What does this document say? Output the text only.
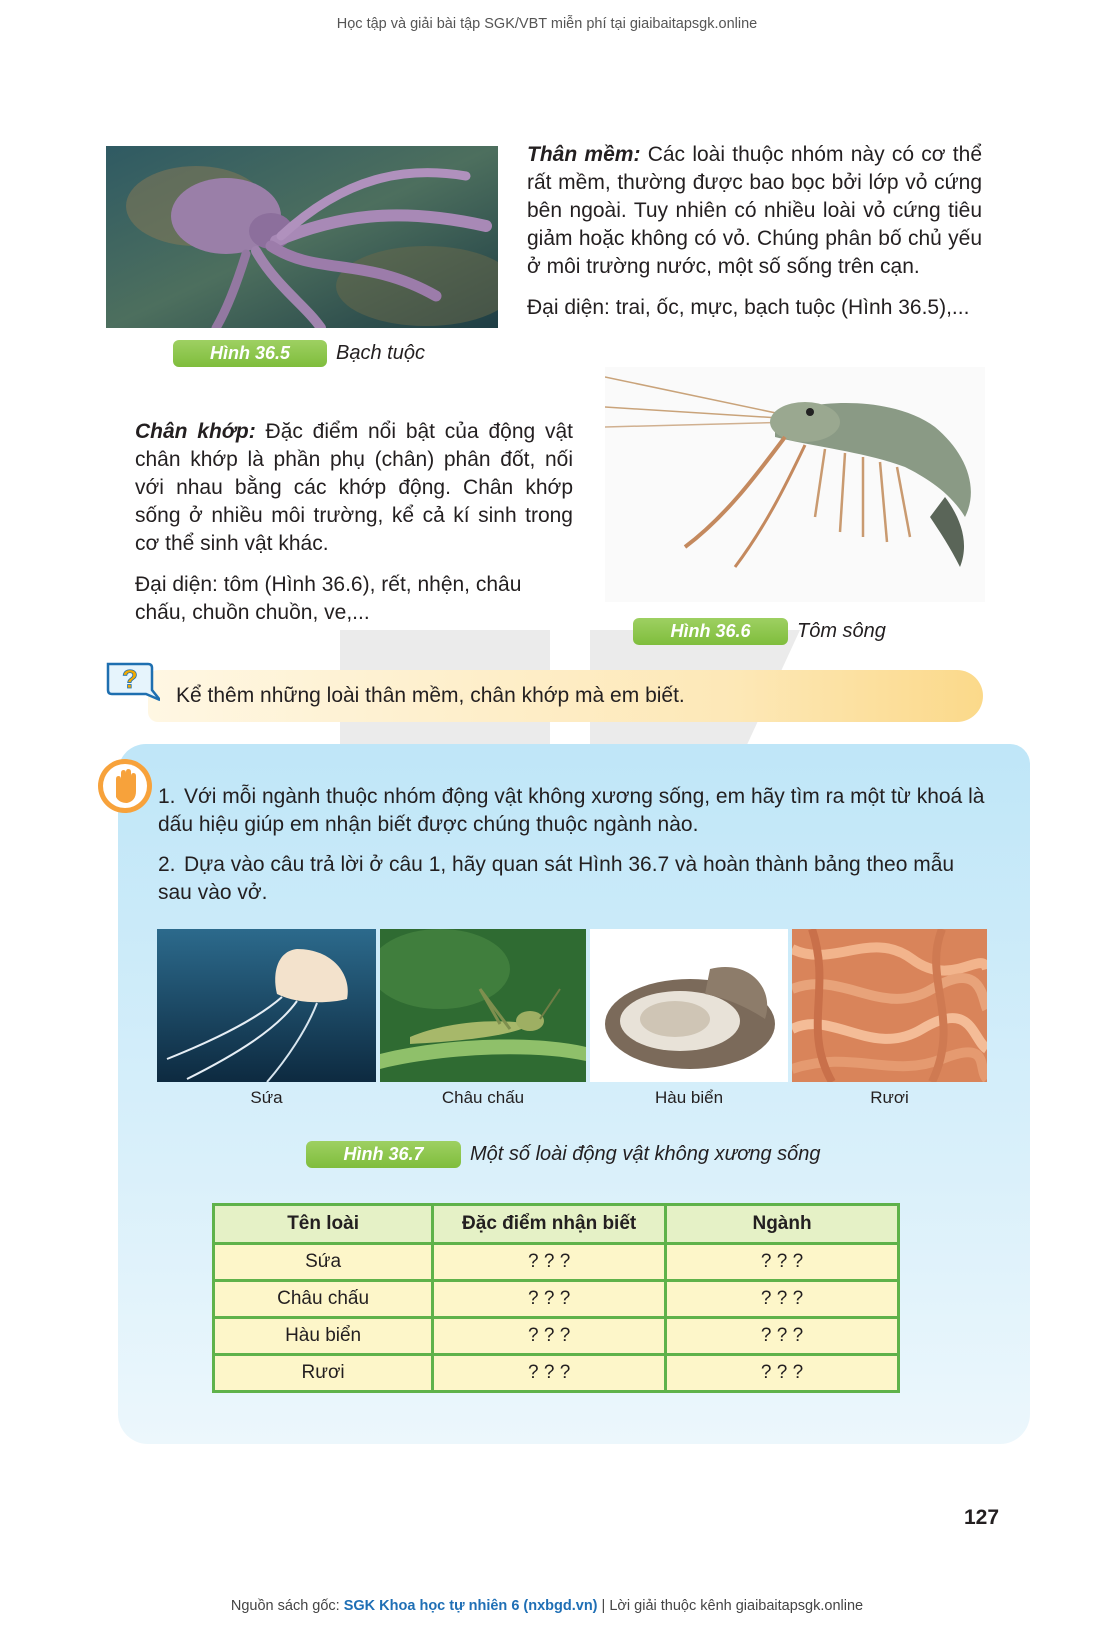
Học tập và giải bài tập SGK/VBT miễn phí tại giaibaitapsgk.online
Thân mềm: Các loài thuộc nhóm này có cơ thể rất mềm, thường được bao bọc bởi lớp vỏ cứng bên ngoài. Tuy nhiên có nhiều loài vỏ cứng tiêu giảm hoặc không có vỏ. Chúng phân bố chủ yếu ở môi trường nước, một số sống trên cạn.
Đại diện: trai, ốc, mực, bạch tuộc (Hình 36.5),...
Hình 36.5	Bạch tuộc
Chân khớp: Đặc điểm nổi bật của động vật chân khớp là phần phụ (chân) phân đốt, nối với nhau bằng các khớp động. Chân khớp sống ở nhiều môi trường, kể cả kí sinh trong cơ thể sinh vật khác.
Đại diện: tôm (Hình 36.6), rết, nhện, châu chấu, chuồn chuồn, ve,...
Hình 36.6	Tôm sông
?
Kể thêm những loài thân mềm, chân khớp mà em biết.
1. Với mỗi ngành thuộc nhóm động vật không xương sống, em hãy tìm ra một từ khoá là dấu hiệu giúp em nhận biết được chúng thuộc ngành nào.
2. Dựa vào câu trả lời ở câu 1, hãy quan sát Hình 36.7 và hoàn thành bảng theo mẫu sau vào vở.
Sứa	Châu chấu	Hàu biển	Rươi
Hình 36.7	Một số loài động vật không xương sống
Tên loài	Đặc điểm nhận biết	Ngành
Sứa	? ? ?	? ? ?
Châu chấu	? ? ?	? ? ?
Hàu biển	? ? ?	? ? ?
Rươi	? ? ?	? ? ?
127
Nguồn sách gốc: SGK Khoa học tự nhiên 6 (nxbgd.vn) | Lời giải thuộc kênh giaibaitapsgk.online
